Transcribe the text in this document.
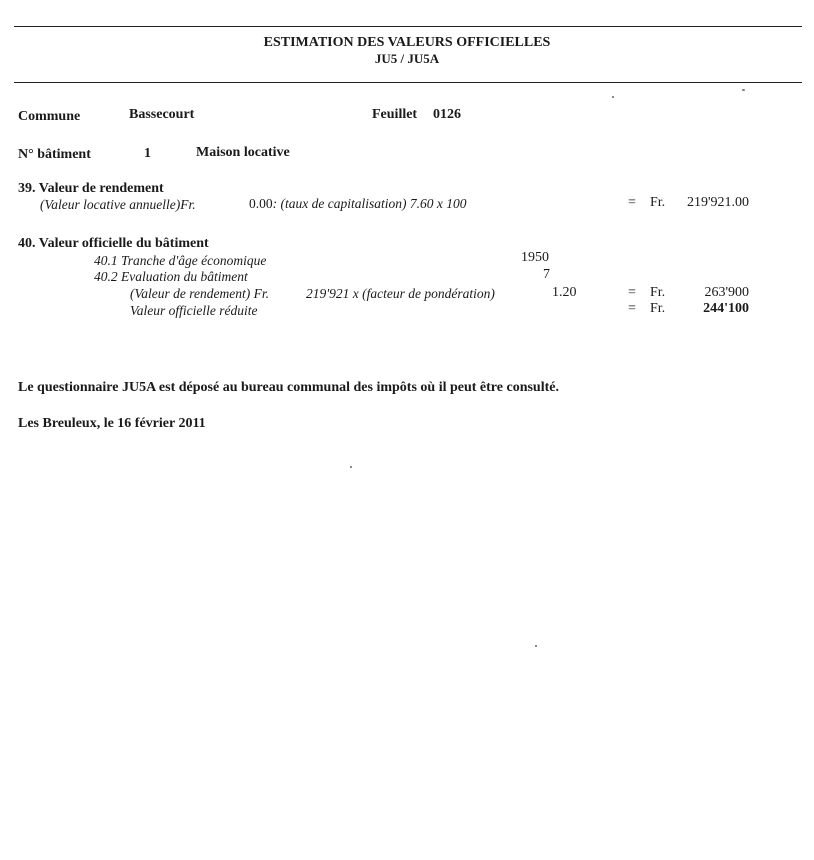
ESTIMATION DES VALEURS OFFICIELLES
JU5 / JU5A
Commune	Bassecourt	Feuillet 0126
N° bâtiment	1	Maison locative
39. Valeur de rendement
(Valeur locative annuelle)Fr.	0.00: (taux de capitalisation) 7.60 x 100	= Fr.	219'921.00
40. Valeur officielle du bâtiment
40.1 Tranche d'âge économique	1950
40.2 Evaluation du bâtiment	7
(Valeur de rendement) Fr.	219'921 x (facteur de pondération)	1.20	= Fr.	263'900
Valeur officielle réduite	= Fr.	244'100
Le questionnaire JU5A est déposé au bureau communal des impôts où il peut être consulté.
Les Breuleux, le 16 février 2011
